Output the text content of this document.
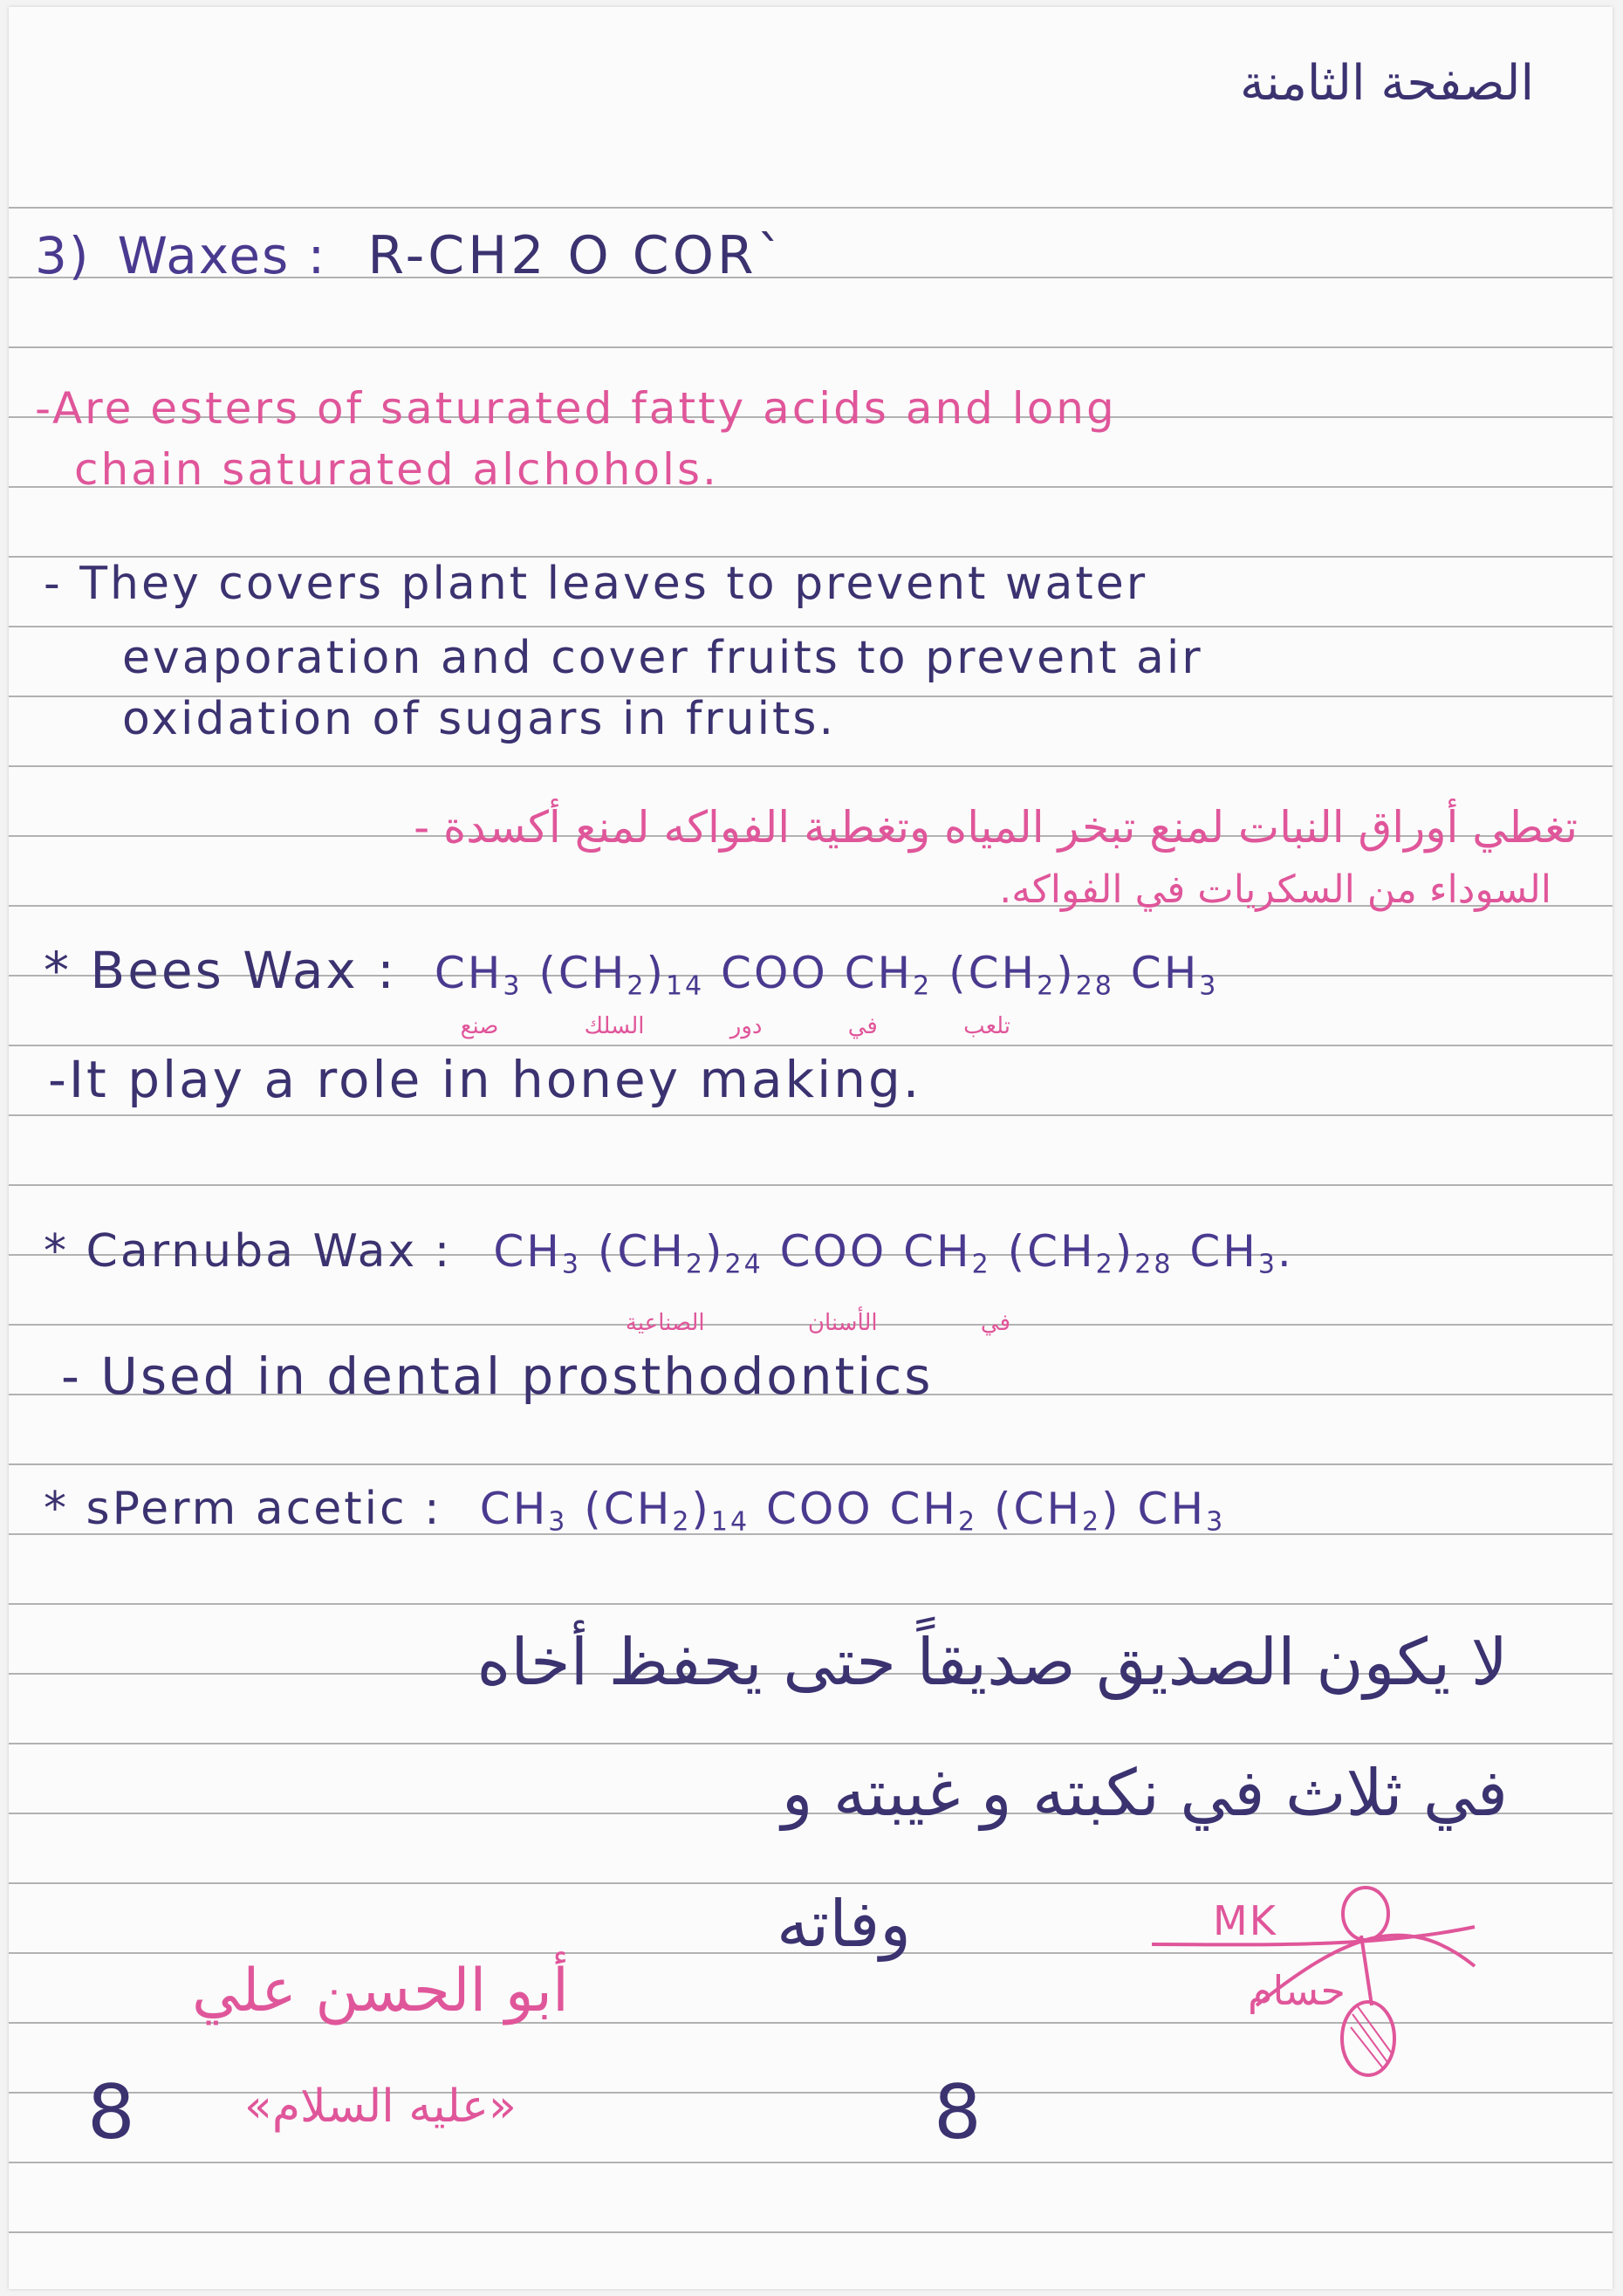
الصفحة الثامنة
3) Waxes : R-CH2 O COR`
-Are esters of saturated fatty acids and long
chain saturated alchohols.
- They covers plant leaves to prevent water
evaporation and cover fruits to prevent air
oxidation of sugars in fruits.
تغطي أوراق النبات لمنع تبخر المياه وتغطية الفواكه لمنع أكسدة -
السوداء من السكريات في الفواكه.
* Bees Wax : $CH_3$ $(CH_2)_{14}$ COO $CH_2$ $(CH_2)_{28}$ $CH_3$
تلعب في دور السلك صنع
-It play a role in honey making.
* Carnuba Wax : $CH_3$ $(CH_2)_{24}$ COO $CH_2$ $(CH_2)_{28}$ $CH_3$.
في الأسنان الصناعية
- Used in dental prosthodontics
* sPerm acetic : $CH_3$ $(CH_2)_{14}$ COO $CH_2$ $(CH_2)$ $CH_3$
لا يكون الصديق صديقاً حتى يحفظ أخاه
في ثلاث في نكبته و غيبته و
وفاته
أبو الحسن علي
«عليه السلام»
MK
حسام
8	8
